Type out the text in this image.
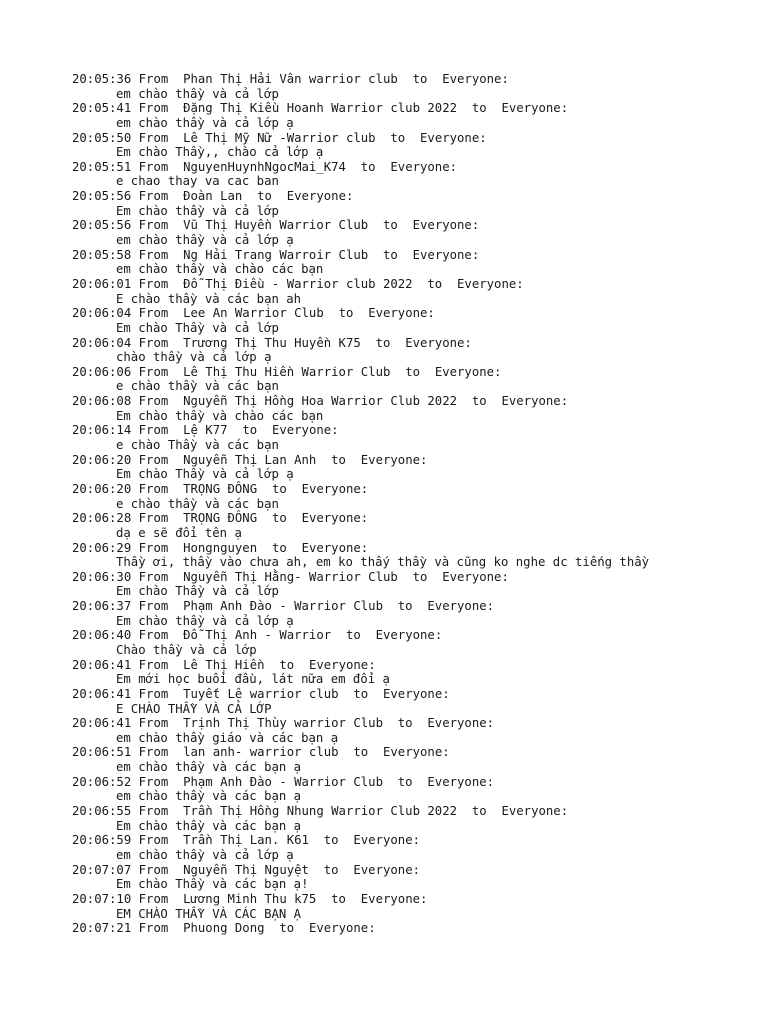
20:05:36 From Phan Thị Hải Vân warrior club to Everyone:
em chào thầy và cả lớp
20:05:41 From Đặng Thị Kiều Hoanh Warrior club 2022 to Everyone:
em chào thầy và cả lớp ạ
20:05:50 From Lê Thị Mỹ Nữ -Warrior club to Everyone:
Em chào Thầy,, chào cả lớp ạ
20:05:51 From NguyenHuynhNgocMai_K74 to Everyone:
e chao thay va cac ban
20:05:56 From Đoàn Lan to Everyone:
Em chào thầy và cả lớp
20:05:56 From Vũ Thị Huyền Warrior Club to Everyone:
em chào thầy và cả lớp ạ
20:05:58 From Ng Hải Trang Warroir Club to Everyone:
em chào thầy và chào các bạn
20:06:01 From Đỗ Thị Điều - Warrior club 2022 to Everyone:
E chào thầy và các bạn ah
20:06:04 From Lee An Warrior Club to Everyone:
Em chào Thầy và cả lớp
20:06:04 From Trương Thị Thu Huyền K75 to Everyone:
chào thầy và cả lớp ạ
20:06:06 From Lê Thị Thu Hiền Warrior Club to Everyone:
e chào thầy và các bạn
20:06:08 From Nguyễn Thị Hồng Hoa Warrior Club 2022 to Everyone:
Em chào thầy và chào các bạn
20:06:14 From Lệ K77 to Everyone:
e chào Thầy và các bạn
20:06:20 From Nguyễn Thị Lan Anh to Everyone:
Em chào Thầy và cả lớp ạ
20:06:20 From TRỌNG ĐÔNG to Everyone:
e chào thầy và các bạn
20:06:28 From TRỌNG ĐÔNG to Everyone:
dạ e sẽ đổi tên ạ
20:06:29 From Hongnguyen to Everyone:
Thầy ơi, thầy vào chưa ah, em ko thấy thầy và cũng ko nghe dc tiếng thầy
20:06:30 From Nguyễn Thị Hằng- Warrior Club to Everyone:
Em chào Thầy và cả lớp
20:06:37 From Phạm Anh Đào - Warrior Club to Everyone:
Em chào thầy và cả lớp ạ
20:06:40 From Đỗ Thị Anh - Warrior to Everyone:
Chào thầy và cả lớp
20:06:41 From Lê Thị Hiền to Everyone:
Em mới học buổi đầu, lát nữa em đổi ạ
20:06:41 From Tuyết Lê warrior club to Everyone:
E CHÀO THẦY VÀ CẢ LỚP
20:06:41 From Trịnh Thị Thùy warrior Club to Everyone:
em chào thầy giáo và các bạn ạ
20:06:51 From lan anh- warrior club to Everyone:
em chào thầy và các bạn ạ
20:06:52 From Phạm Anh Đào - Warrior Club to Everyone:
em chào thầy và các bạn ạ
20:06:55 From Trần Thị Hồng Nhung Warrior Club 2022 to Everyone:
Em chào thầy và các bạn ạ
20:06:59 From Trần Thị Lan. K61 to Everyone:
em chào thầy và cả lớp ạ
20:07:07 From Nguyễn Thị Nguyệt to Everyone:
Em chào Thầy và các bạn ạ!
20:07:10 From Lương Minh Thu k75 to Everyone:
EM CHÀO THẦY VÀ CÁC BẠN Ạ
20:07:21 From Phuong Dong to Everyone:
